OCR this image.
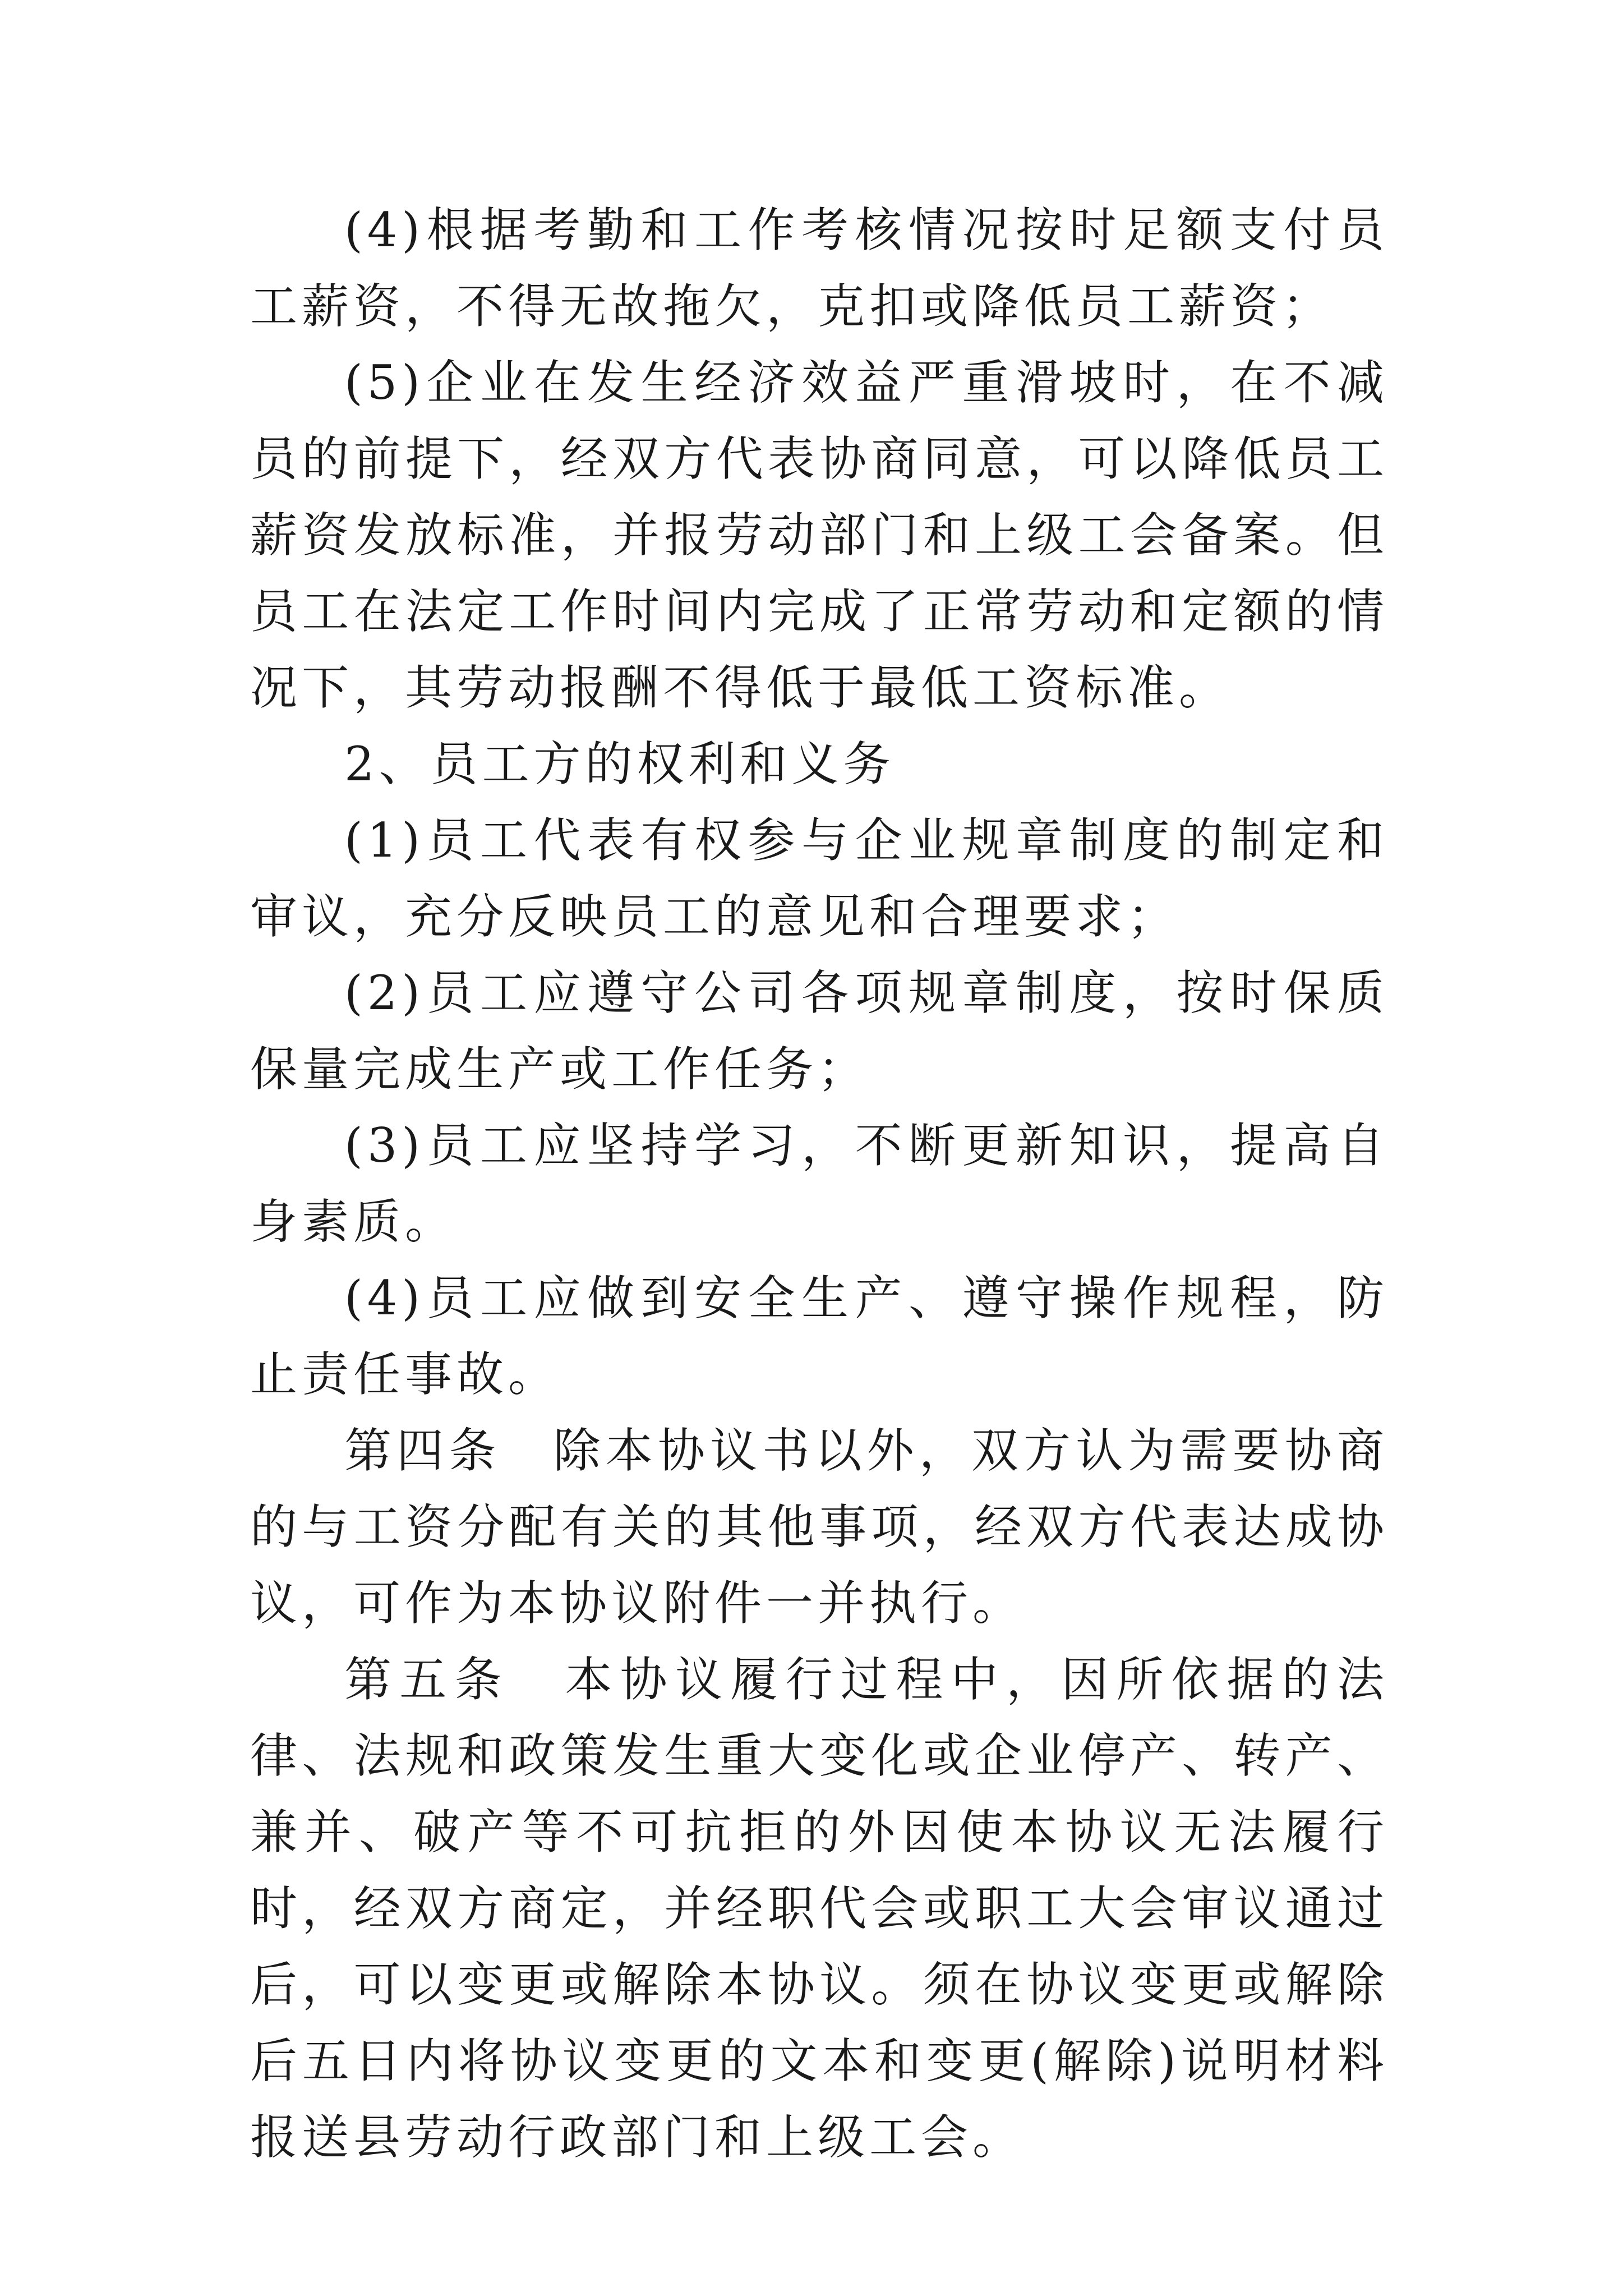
(4)根据考勤和工作考核情况按时足额支付员工薪资，不得无故拖欠，克扣或降低员工薪资；

(5)企业在发生经济效益严重滑坡时，在不减员的前提下，经双方代表协商同意，可以降低员工薪资发放标准，并报劳动部门和上级工会备案。但员工在法定工作时间内完成了正常劳动和定额的情况下，其劳动报酬不得低于最低工资标准。

2、员工方的权利和义务

(1)员工代表有权参与企业规章制度的制定和审议，充分反映员工的意见和合理要求；

(2)员工应遵守公司各项规章制度，按时保质保量完成生产或工作任务；

(3)员工应坚持学习，不断更新知识，提高自身素质。

(4)员工应做到安全生产、遵守操作规程，防止责任事故。

第四条　除本协议书以外，双方认为需要协商的与工资分配有关的其他事项，经双方代表达成协议，可作为本协议附件一并执行。

第五条　本协议履行过程中，因所依据的法律、法规和政策发生重大变化或企业停产、转产、兼并、破产等不可抗拒的外因使本协议无法履行时，经双方商定，并经职代会或职工大会审议通过后，可以变更或解除本协议。须在协议变更或解除后五日内将协议变更的文本和变更(解除)说明材料报送县劳动行政部门和上级工会。
